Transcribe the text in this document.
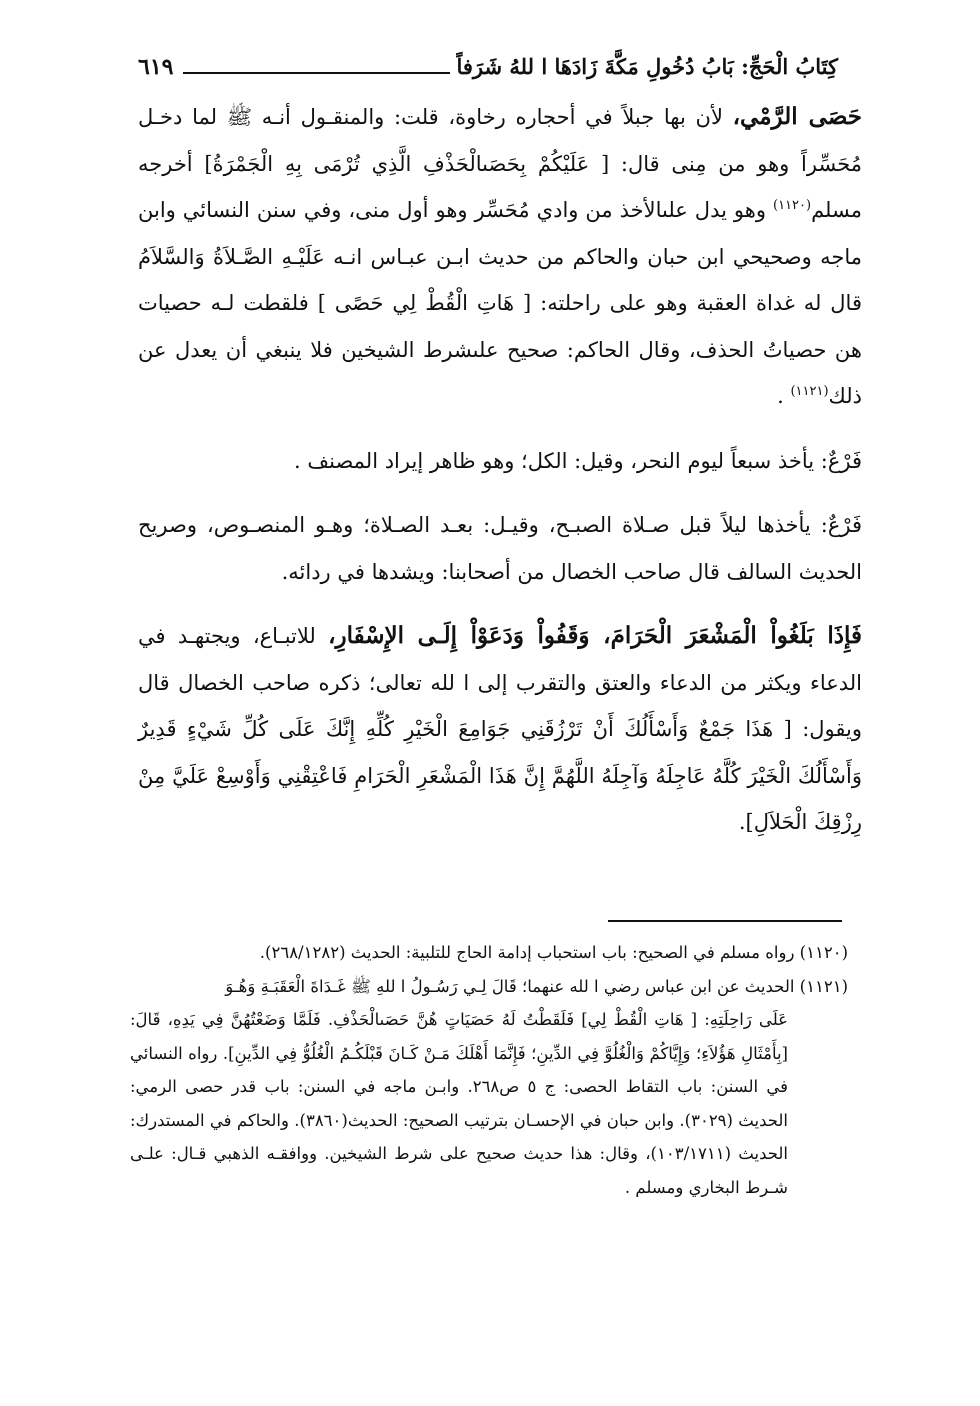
كِتَابُ الْحَجِّ: بَابُ دُخُولِ مَكَّةَ زَادَهَا ا للهُ شَرَفاً
٦١٩

حَصَى الرَّمْي، لأن بها جبلاً في أحجاره رخاوة، قلت: والمنقـول أنـه ﷺ لما دخـل مُحَسِّراً وهو من مِنى قال: [ عَلَيْكُمْ بِحَصَىالْحَذْفِ الَّذِي تُرْمَى بِهِ الْجَمْرَةُ] أخرجه مسلم$^{(١١٢٠)}$ وهو يدل علىالأخذ من وادي مُحَسِّر وهو أول منى، وفي سنن النسائي وابن ماجه وصحيحي ابن حبان والحاكم من حديث ابـن عبـاس انـه عَلَيْـهِ الصَّـلاَةُ وَالسَّلاَمُ قال له غداة العقبة وهو على راحلته: [ هَاتِ الْقُطْ لِي حَصًى ] فلقطت لـه حصيات هن حصياتُ الحذف، وقال الحاكم: صحيح علىشرط الشيخين فلا ينبغي أن يعدل عن ذلك$^{(١١٢١)}$ .

فَرْعٌ: يأخذ سبعاً ليوم النحر، وقيل: الكل؛ وهو ظاهر إيراد المصنف .

فَرْعٌ: يأخذها ليلاً قبل صـلاة الصبـح، وقيـل: بعـد الصـلاة؛ وهـو المنصـوص، وصريح الحديث السالف قال صاحب الخصال من أصحابنا: ويشدها في ردائه.

فَإِذَا بَلَغُواْ الْمَشْعَرَ الْحَرَامَ، وَقَفُواْ وَدَعَوْاْ إِلَـى الإِسْفَارِ، للاتبـاع، ويجتهـد في الدعاء ويكثر من الدعاء والعتق والتقرب إلى ا لله تعالى؛ ذكره صاحب الخصال قال ويقول: [ هَذَا جَمْعٌ وَأَسْأَلُكَ أَنْ تَرْزُقَنِي جَوَامِعَ الْخَيْرِ كُلِّهِ إِنَّكَ عَلَى كُلِّ شَيْءٍ قَدِيرٌ وَأَسْأَلُكَ الْخَيْرَ كُلَّهُ عَاجِلَهُ وَآجِلَهُ اللَّهُمَّ إِنَّ هَذَا الْمَشْعَرِ الْحَرَامِ فَاعْتِقْنِي وَأَوْسِعْ عَلَيَّ مِنْ رِزْقِكَ الْحَلاَلِ].

(١١٢٠) رواه مسلم في الصحيح: باب استحباب إدامة الحاج للتلبية: الحديث (٢٦٨/١٢٨٢).

(١١٢١) الحديث عن ابن عباس رضي ا لله عنهما؛ قَالَ لِـي رَسُـولُ ا للهِ ﷺ غَـدَاةَ الْعَقَبَـةِ وَهُـوَ

عَلَى رَاحِلَتِهِ: [ هَاتِ الْقُطْ لِي] فَلَقَطْتُ لَهُ حَصَيَاتٍ هُنَّ حَصَىالْحَذْفِ. فَلَمَّا وَضَعْتُهُنَّ فِي يَدِهِ، قَالَ: [بِأَمْثَالِ هَؤُلاَءِ؛ وَإِيَّاكُمْ وَالْغُلُوَّ فِي الدِّينِ؛ فَإِنَّمَا أَهْلَكَ مَـنْ كَـانَ قَبْلَكُـمُ الْغُلُوُّ فِي الدِّينِ]. رواه النسائي في السنن: باب التقاط الحصى: ج ٥ ص٢٦٨. وابـن ماجه في السنن: باب قدر حصى الرمي: الحديث (٣٠٢٩). وابن حبان في الإحسـان بترتيب الصحيح: الحديث(٣٨٦٠). والحاكم في المستدرك: الحديث (١٠٣/١٧١١)، وقال: هذا حديث صحيح على شرط الشيخين. ووافقـه الذهبي قـال: علـى شـرط البخاري ومسلم .
